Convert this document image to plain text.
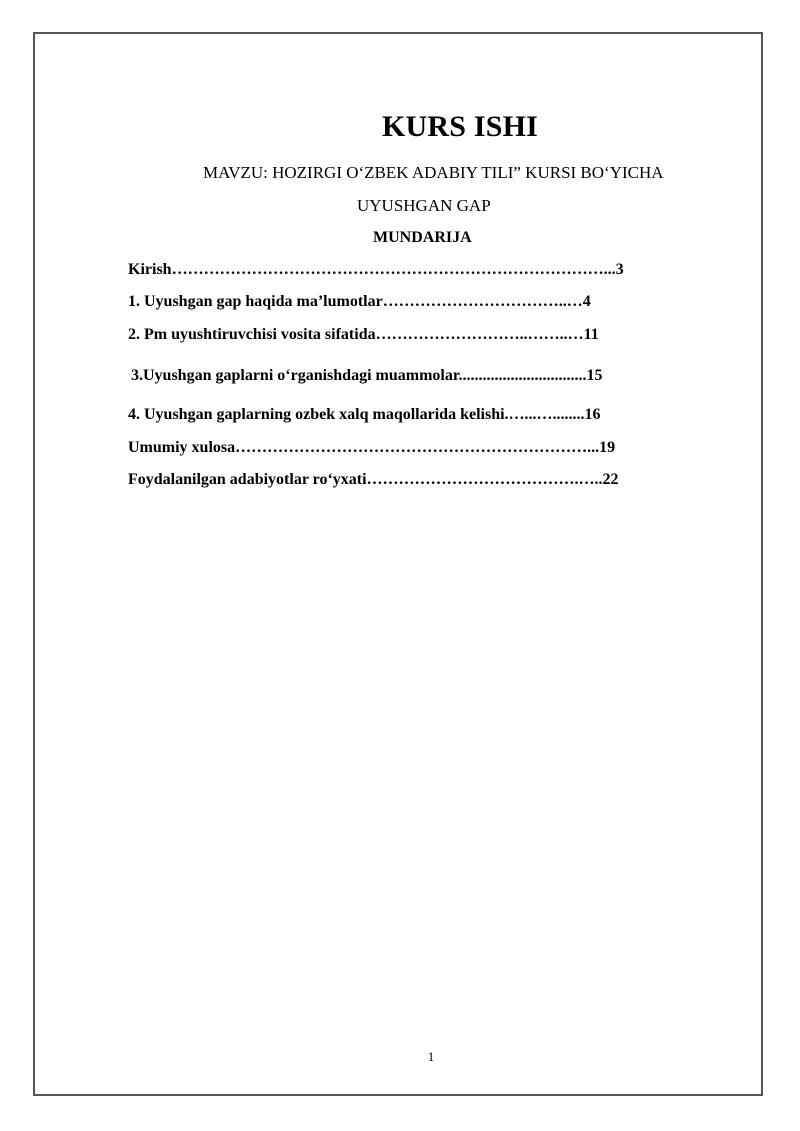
KURS ISHI
MAVZU: HOZIRGI O‘ZBEK ADABIY TILI” KURSI BO‘YICHA
UYUSHGAN GAP
MUNDARIJA
Kirish………………………………………………………………………...3
1. Uyushgan gap haqida ma’lumotlar……………………………..…4
2. Pm uyushtiruvchisi vosita sifatida………………………..……..…11
3.Uyushgan gaplarni o‘rganishdagi muammolar................................15
4. Uyushgan gaplarning ozbek xalq maqollarida kelishi.…...…........16
Umumiy xulosa…………………………………………………………...19
Foydalanilgan adabiyotlar ro‘yxati………………………………….…..22
1
